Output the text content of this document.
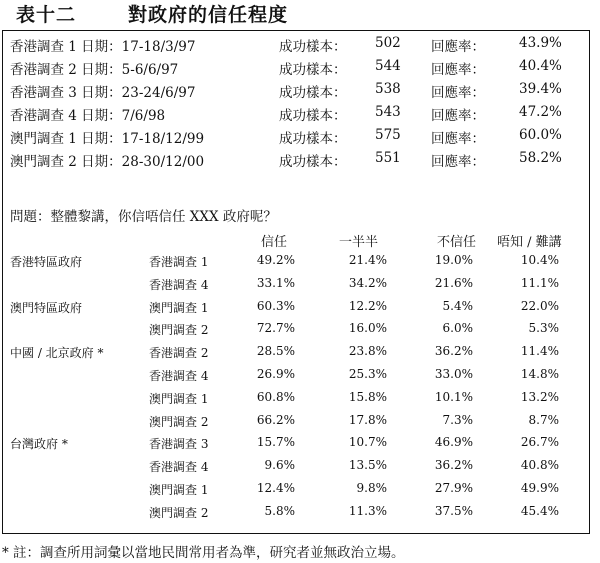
表十二	對政府的信任程度
香港調查 1 日期：17-18/3/97	成功樣本： 502 回應率：	43.9%
香港調查 2 日期：5-6/6/97	成功樣本： 544 回應率：	40.4%
香港調查 3 日期：23-24/6/97	成功樣本： 538 回應率：	39.4%
香港調查 4 日期：7/6/98	成功樣本： 543 回應率：	47.2%
澳門調查 1 日期：17-18/12/99	成功樣本： 575 回應率：	60.0%
澳門調查 2 日期：28-30/12/00	成功樣本： 551 回應率：	58.2%
問題：整體黎講，你信唔信任 XXX 政府呢？
信任	一半半	不信任 唔知 / 難講
香港特區政府	香港調查 1	49.2%	21.4%	19.0%	10.4%
香港調查 4	33.1%	34.2%	21.6%	11.1%
澳門特區政府	澳門調查 1	60.3%	12.2%	5.4%	22.0%
澳門調查 2	72.7%	16.0%	6.0%	5.3%
中國 / 北京政府 *	香港調查 2	28.5%	23.8%	36.2%	11.4%
香港調查 4	26.9%	25.3%	33.0%	14.8%
澳門調查 1	60.8%	15.8%	10.1%	13.2%
澳門調查 2	66.2%	17.8%	7.3%	8.7%
台灣政府 *	香港調查 3	15.7%	10.7%	46.9%	26.7%
香港調查 4	9.6%	13.5%	36.2%	40.8%
澳門調查 1	12.4%	9.8%	27.9%	49.9%
澳門調查 2	5.8%	11.3%	37.5%	45.4%
* 註：調查所用詞彙以當地民間常用者為準，研究者並無政治立場。
